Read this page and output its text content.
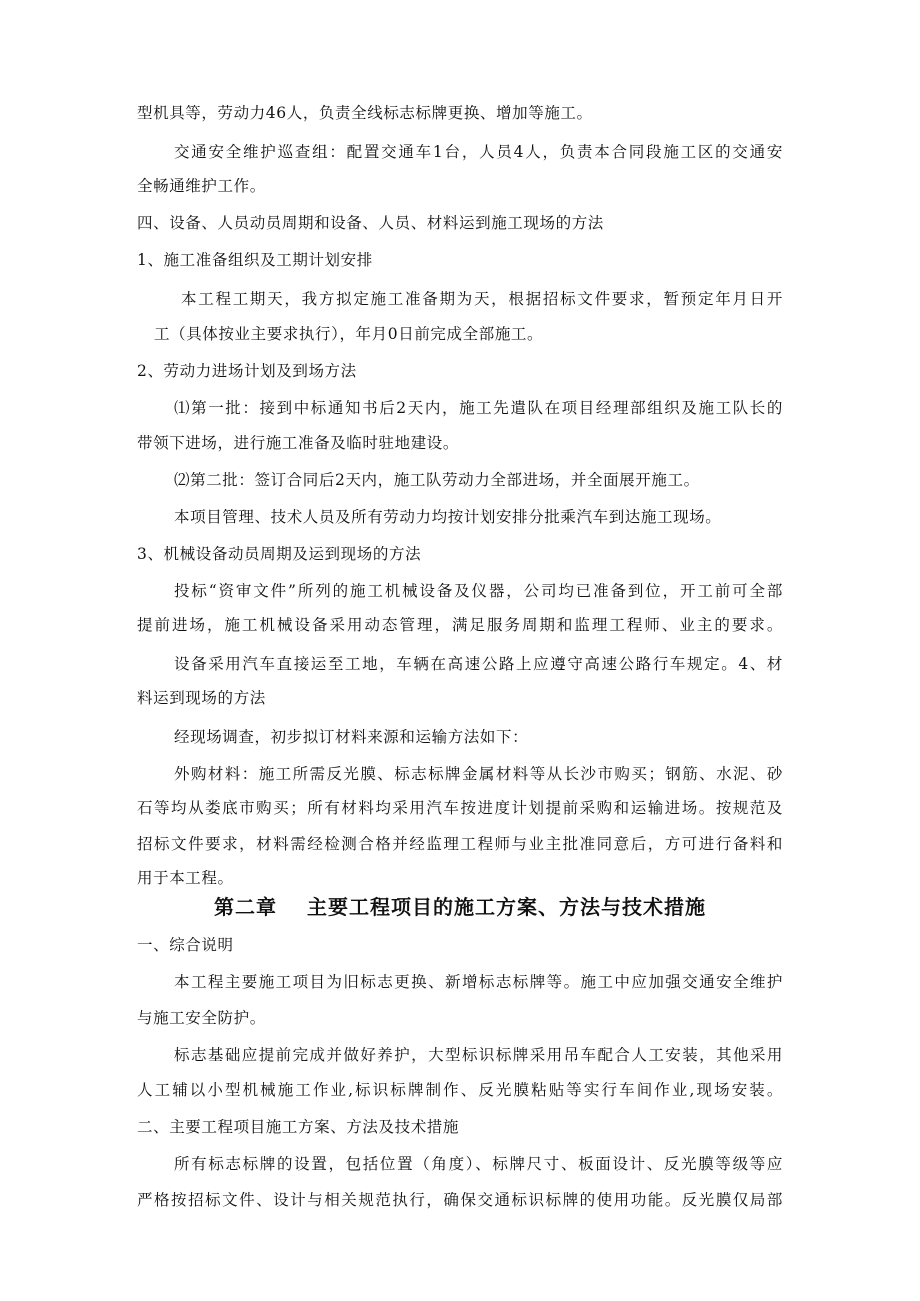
型机具等，劳动力46人，负责全线标志标牌更换、增加等施工。
交通安全维护巡查组：配置交通车1台，人员4人，负责本合同段施工区的交通安
全畅通维护工作。
四、设备、人员动员周期和设备、人员、材料运到施工现场的方法
1、施工准备组织及工期计划安排
本工程工期天，我方拟定施工准备期为天，根据招标文件要求，暂预定年月日开
工（具体按业主要求执行），年月0日前完成全部施工。
2、劳动力进场计划及到场方法
⑴第一批：接到中标通知书后2天内，施工先遣队在项目经理部组织及施工队长的
带领下进场，进行施工准备及临时驻地建设。
⑵第二批：签订合同后2天内，施工队劳动力全部进场，并全面展开施工。
本项目管理、技术人员及所有劳动力均按计划安排分批乘汽车到达施工现场。
3、机械设备动员周期及运到现场的方法
投标“资审文件”所列的施工机械设备及仪器，公司均已准备到位，开工前可全部
提前进场，施工机械设备采用动态管理，满足服务周期和监理工程师、业主的要求。
设备采用汽车直接运至工地，车辆在高速公路上应遵守高速公路行车规定。4、材
料运到现场的方法
经现场调查，初步拟订材料来源和运输方法如下：
外购材料：施工所需反光膜、标志标牌金属材料等从长沙市购买；钢筋、水泥、砂
石等均从娄底市购买；所有材料均采用汽车按进度计划提前采购和运输进场。按规范及
招标文件要求，材料需经检测合格并经监理工程师与业主批准同意后，方可进行备料和
用于本工程。
第二章 主要工程项目的施工方案、方法与技术措施
一、综合说明
本工程主要施工项目为旧标志更换、新增标志标牌等。施工中应加强交通安全维护
与施工安全防护。
标志基础应提前完成并做好养护，大型标识标牌采用吊车配合人工安装，其他采用
人工辅以小型机械施工作业,标识标牌制作、反光膜粘贴等实行车间作业,现场安装。
二、主要工程项目施工方案、方法及技术措施
所有标志标牌的设置，包括位置（角度）、标牌尺寸、板面设计、反光膜等级等应
严格按招标文件、设计与相关规范执行，确保交通标识标牌的使用功能。反光膜仅局部
